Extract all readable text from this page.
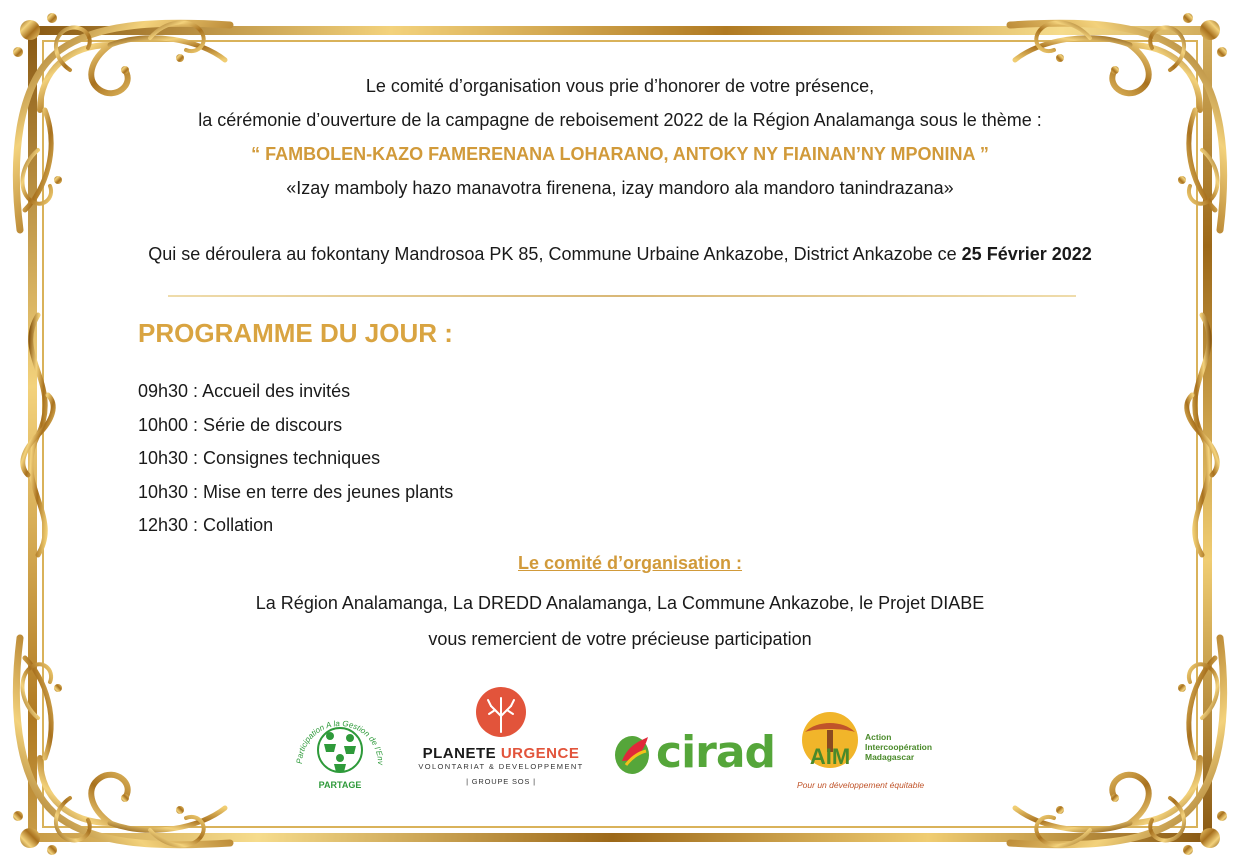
Le comité d’organisation vous prie d’honorer de votre présence,
la cérémonie d’ouverture de la campagne de reboisement 2022 de la Région Analamanga sous le thème :
“ FAMBOLEN-KAZO FAMERENANA LOHARANO, ANTOKY NY FIAINAN’NY MPONINA ”
«Izay mamboly hazo manavotra firenena, izay mandoro ala mandoro tanindrazana»
Qui se déroulera au fokontany Mandrosoa PK 85, Commune Urbaine Ankazobe, District Ankazobe ce 25 Février 2022
PROGRAMME DU JOUR :
09h30 : Accueil des invités
10h00 : Série de discours
10h30 : Consignes techniques
10h30 : Mise en terre des jeunes plants
12h30 : Collation
Le comité d’organisation :
La Région Analamanga, La DREDD Analamanga, La Commune Ankazobe, le Projet DIABE
vous remercient de votre précieuse participation
Participation A la Gestion de l’Env
PARTAGE
PLANETE URGENCE
VOLONTARIAT & DEVELOPPEMENT
| GROUPE SOS |
cirad AIM
Action
Intercoopération
Madagascar
Pour un développement équitable
